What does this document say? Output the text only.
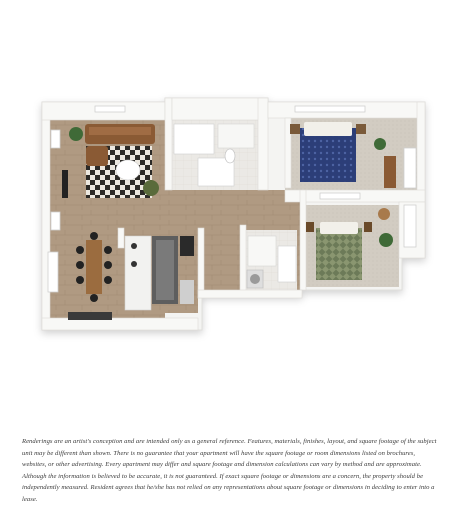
Renderings are an artist's conception and are intended only as a general reference. Features, materials, finishes, layout, and square footage of the subject unit may be different than shown. There is no guarantee that your apartment will have the square footage or room dimensions listed on brochures, websites, or other advertising. Every apartment may differ and square footage and dimension calculations can vary by method and are approximate. Although the information is believed to be accurate, it is not guaranteed. If exact square footage or dimensions are a concern, the property should be independently measured. Resident agrees that he/she has not relied on any representations about square footage or dimensions in deciding to enter into a lease.
